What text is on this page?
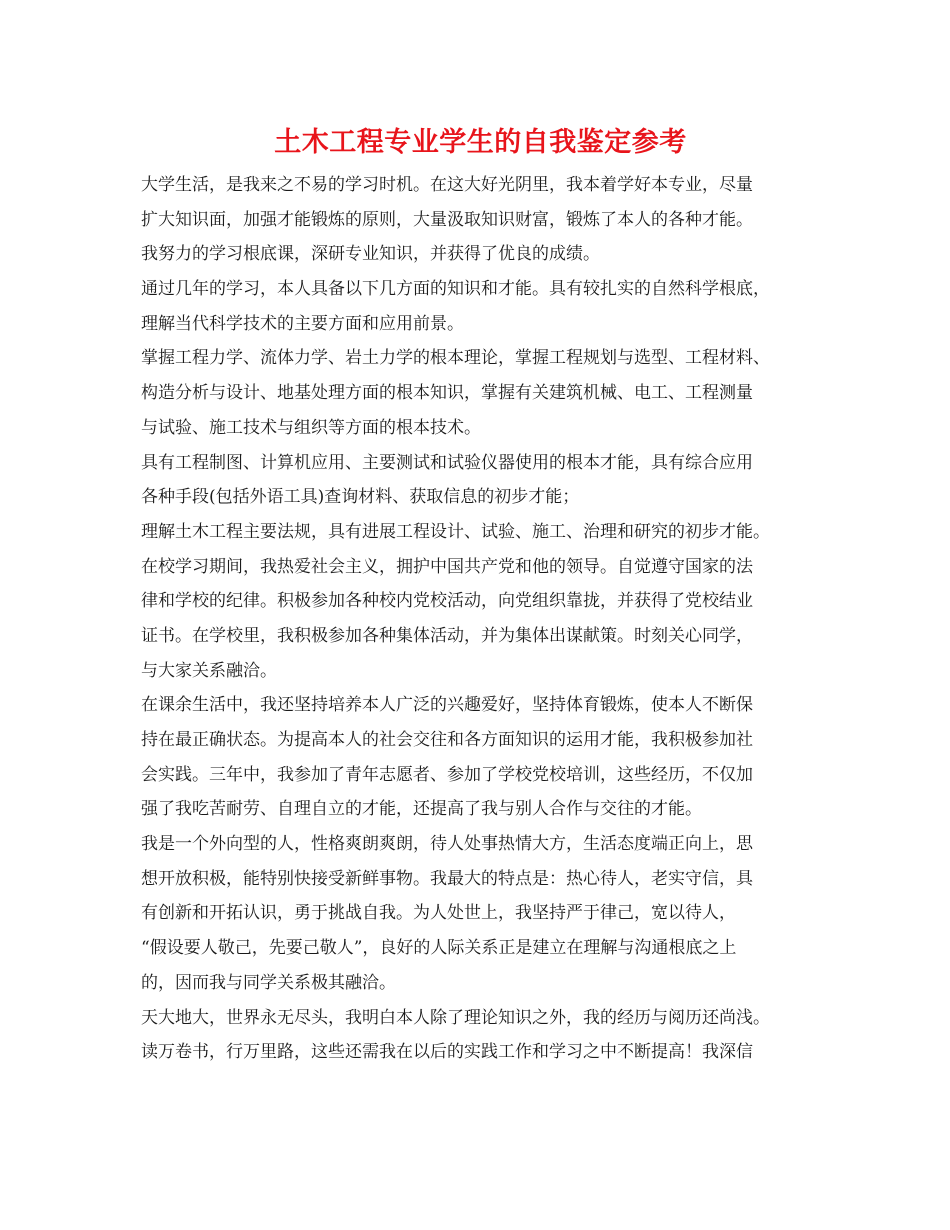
土木工程专业学生的自我鉴定参考
大学生活，是我来之不易的学习时机。在这大好光阴里，我本着学好本专业，尽量
扩大知识面，加强才能锻炼的原则，大量汲取知识财富，锻炼了本人的各种才能。
我努力的学习根底课，深研专业知识，并获得了优良的成绩。
通过几年的学习，本人具备以下几方面的知识和才能。具有较扎实的自然科学根底，
理解当代科学技术的主要方面和应用前景。
掌握工程力学、流体力学、岩土力学的根本理论，掌握工程规划与选型、工程材料、
构造分析与设计、地基处理方面的根本知识，掌握有关建筑机械、电工、工程测量
与试验、施工技术与组织等方面的根本技术。
具有工程制图、计算机应用、主要测试和试验仪器使用的根本才能，具有综合应用
各种手段(包括外语工具)查询材料、获取信息的初步才能；
理解土木工程主要法规，具有进展工程设计、试验、施工、治理和研究的初步才能。
在校学习期间，我热爱社会主义，拥护中国共产党和他的领导。自觉遵守国家的法
律和学校的纪律。积极参加各种校内党校活动，向党组织靠拢，并获得了党校结业
证书。在学校里，我积极参加各种集体活动，并为集体出谋献策。时刻关心同学，
与大家关系融洽。
在课余生活中，我还坚持培养本人广泛的兴趣爱好，坚持体育锻炼，使本人不断保
持在最正确状态。为提高本人的社会交往和各方面知识的运用才能，我积极参加社
会实践。三年中，我参加了青年志愿者、参加了学校党校培训，这些经历，不仅加
强了我吃苦耐劳、自理自立的才能，还提高了我与别人合作与交往的才能。
我是一个外向型的人，性格爽朗爽朗，待人处事热情大方，生活态度端正向上，思
想开放积极，能特别快接受新鲜事物。我最大的特点是：热心待人，老实守信，具
有创新和开拓认识，勇于挑战自我。为人处世上，我坚持严于律己，宽以待人，
“假设要人敬己，先要己敬人”，良好的人际关系正是建立在理解与沟通根底之上
的，因而我与同学关系极其融洽。
天大地大，世界永无尽头，我明白本人除了理论知识之外，我的经历与阅历还尚浅。
读万卷书，行万里路，这些还需我在以后的实践工作和学习之中不断提高！我深信
